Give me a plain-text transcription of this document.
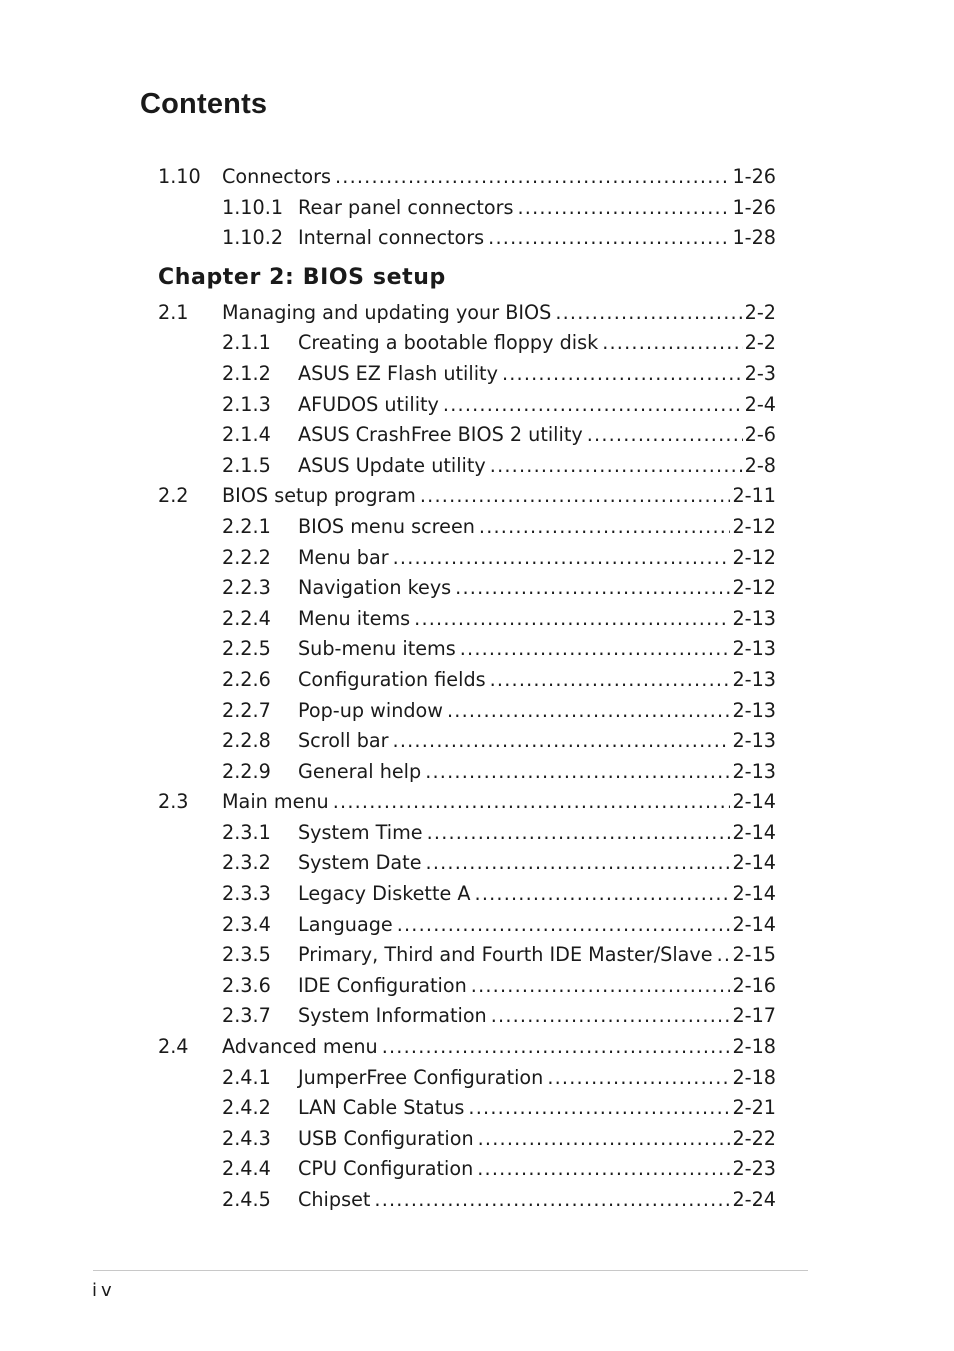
Contents
1.10 Connectors .....	1-26
1.10.1 Rear panel connectors .....	1-26
1.10.2 Internal connectors .....	1-28
Chapter 2: BIOS setup
2.1 Managing and updating your BIOS .....	2-2
2.1.1 Creating a bootable floppy disk .....	2-2
2.1.2 ASUS EZ Flash utility .....	2-3
2.1.3 AFUDOS utility .....	2-4
2.1.4 ASUS CrashFree BIOS 2 utility .....	2-6
2.1.5 ASUS Update utility .....	2-8
2.2 BIOS setup program .....	2-11
2.2.1 BIOS menu screen .....	2-12
2.2.2 Menu bar .....	2-12
2.2.3 Navigation keys .....	2-12
2.2.4 Menu items .....	2-13
2.2.5 Sub-menu items .....	2-13
2.2.6 Configuration fields .....	2-13
2.2.7 Pop-up window .....	2-13
2.2.8 Scroll bar .....	2-13
2.2.9 General help .....	2-13
2.3 Main menu .....	2-14
2.3.1 System Time .....	2-14
2.3.2 System Date .....	2-14
2.3.3 Legacy Diskette A .....	2-14
2.3.4 Language .....	2-14
2.3.5 Primary, Third and Fourth IDE Master/Slave ..... 2-15
2.3.6 IDE Configuration .....	2-16
2.3.7 System Information .....	2-17
2.4 Advanced menu .....	2-18
2.4.1 JumperFree Configuration .....	2-18
2.4.2 LAN Cable Status .....	2-21
2.4.3 USB Configuration .....	2-22
2.4.4 CPU Configuration .....	2-23
2.4.5 Chipset .....	2-24
iv
